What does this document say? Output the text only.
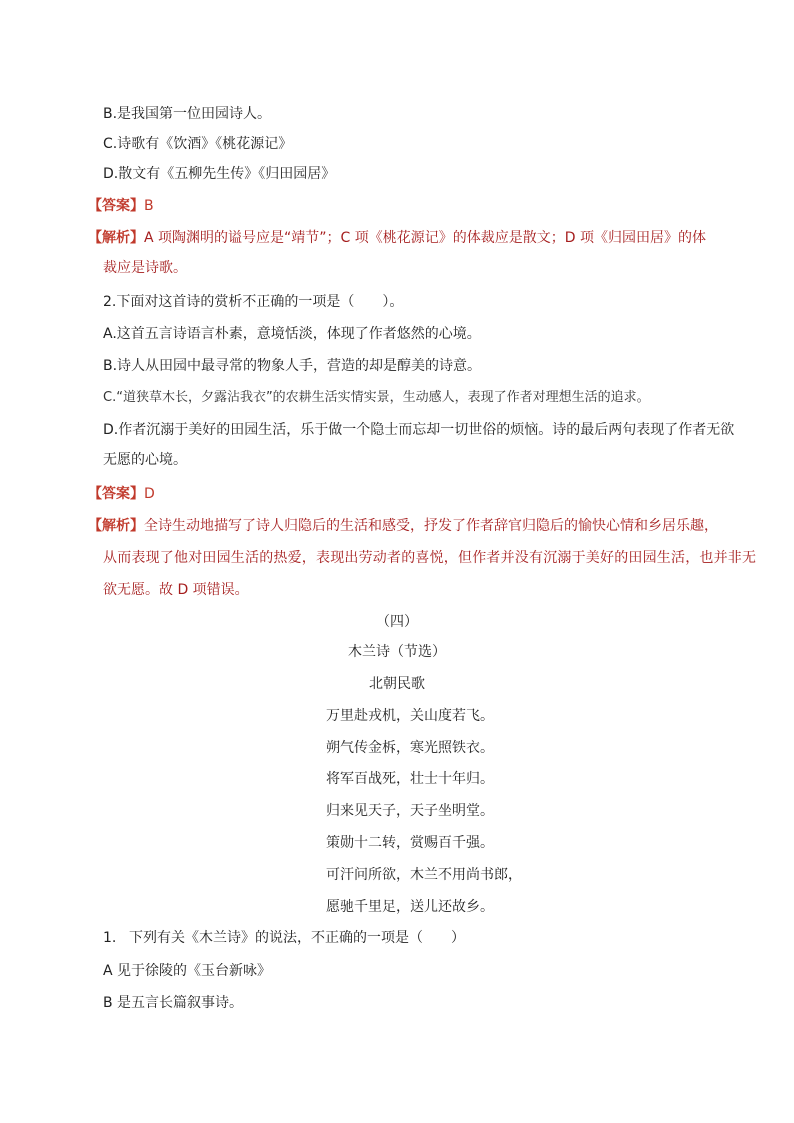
B.是我国第一位田园诗人。
C.诗歌有《饮酒》《桃花源记》
D.散文有《五柳先生传》《归田园居》
【答案】B
【解析】A 项陶渊明的谥号应是“靖节”；C 项《桃花源记》的体裁应是散文；D 项《归园田居》的体
裁应是诗歌。
2.下面对这首诗的赏析不正确的一项是（　　）。
A.这首五言诗语言朴素，意境恬淡，体现了作者悠然的心境。
B.诗人从田园中最寻常的物象人手，营造的却是醇美的诗意。
C.“道狭草木长，夕露沾我衣”的农耕生活实情实景，生动感人，表现了作者对理想生活的追求。
D.作者沉溺于美好的田园生活，乐于做一个隐士而忘却一切世俗的烦恼。诗的最后两句表现了作者无欲
无愿的心境。
【答案】D
【解析】全诗生动地描写了诗人归隐后的生活和感受，抒发了作者辞官归隐后的愉快心情和乡居乐趣，
从而表现了他对田园生活的热爱，表现出劳动者的喜悦，但作者并没有沉溺于美好的田园生活，也并非无
欲无愿。故 D 项错误。
（四）
木兰诗（节选）
北朝民歌
万里赴戎机，关山度若飞。
朔气传金柝，寒光照铁衣。
将军百战死，壮士十年归。
归来见天子，天子坐明堂。
策勋十二转，赏赐百千强。
可汗问所欲，木兰不用尚书郎，
愿驰千里足，送儿还故乡。
1. 下列有关《木兰诗》的说法，不正确的一项是（　　）
A 见于徐陵的《玉台新咏》
B 是五言长篇叙事诗。
